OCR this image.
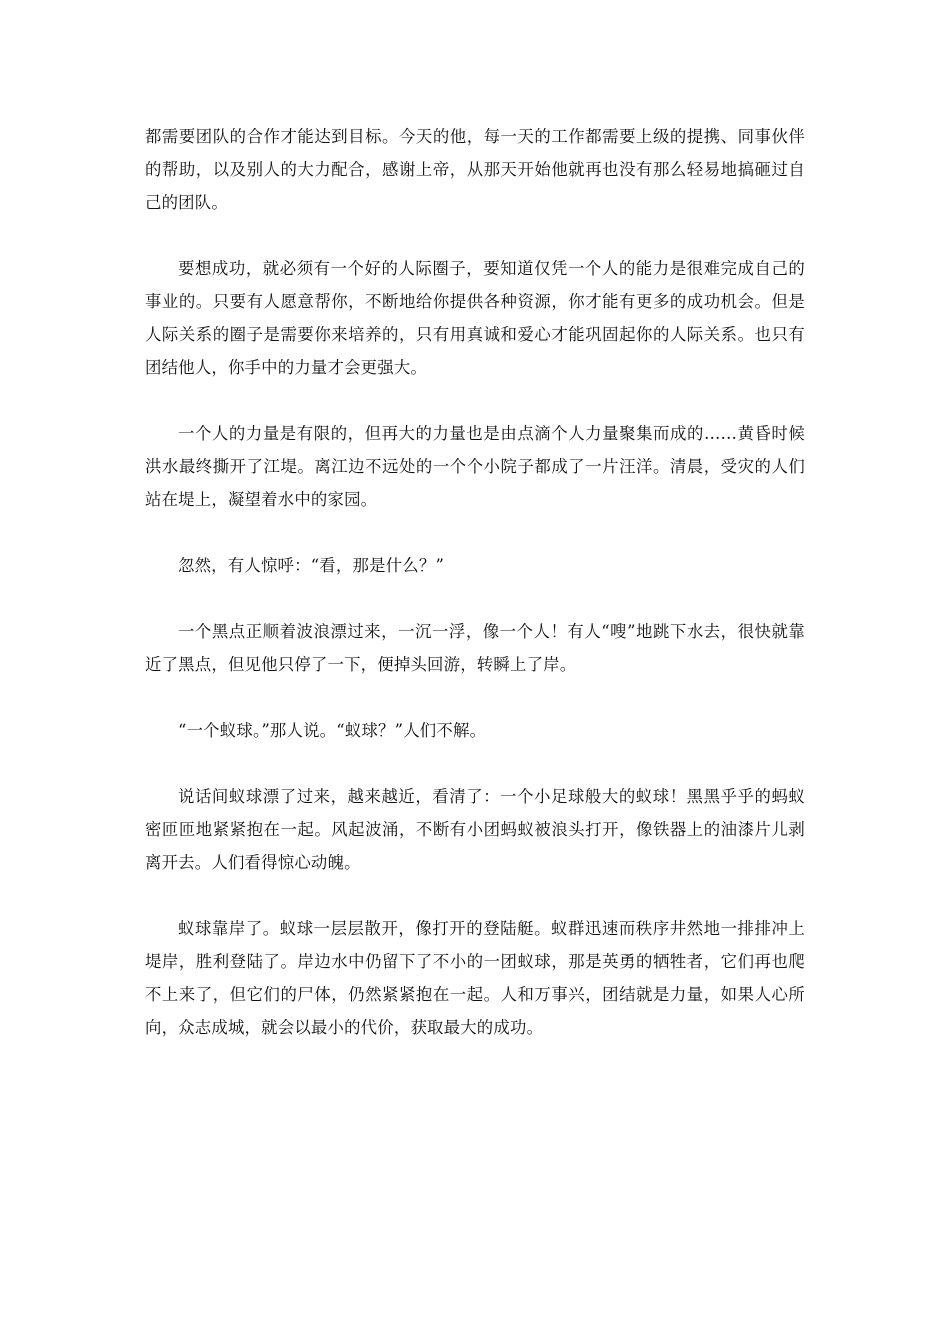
都需要团队的合作才能达到目标。今天的他，每一天的工作都需要上级的提携、同事伙伴的帮助，以及别人的大力配合，感谢上帝，从那天开始他就再也没有那么轻易地搞砸过自己的团队。

要想成功，就必须有一个好的人际圈子，要知道仅凭一个人的能力是很难完成自己的事业的。只要有人愿意帮你，不断地给你提供各种资源，你才能有更多的成功机会。但是人际关系的圈子是需要你来培养的，只有用真诚和爱心才能巩固起你的人际关系。也只有团结他人，你手中的力量才会更强大。

一个人的力量是有限的，但再大的力量也是由点滴个人力量聚集而成的……黄昏时候洪水最终撕开了江堤。离江边不远处的一个个小院子都成了一片汪洋。清晨，受灾的人们站在堤上，凝望着水中的家园。

忽然，有人惊呼：“看，那是什么？”

一个黑点正顺着波浪漂过来，一沉一浮，像一个人！有人“嗖”地跳下水去，很快就靠近了黑点，但见他只停了一下，便掉头回游，转瞬上了岸。

“一个蚁球。”那人说。“蚁球？”人们不解。

说话间蚁球漂了过来，越来越近，看清了：一个小足球般大的蚁球！黑黑乎乎的蚂蚁密匝匝地紧紧抱在一起。风起波涌，不断有小团蚂蚁被浪头打开，像铁器上的油漆片儿剥离开去。人们看得惊心动魄。

蚁球靠岸了。蚁球一层层散开，像打开的登陆艇。蚁群迅速而秩序井然地一排排冲上堤岸，胜利登陆了。岸边水中仍留下了不小的一团蚁球，那是英勇的牺牲者，它们再也爬不上来了，但它们的尸体，仍然紧紧抱在一起。人和万事兴，团结就是力量，如果人心所向，众志成城，就会以最小的代价，获取最大的成功。
